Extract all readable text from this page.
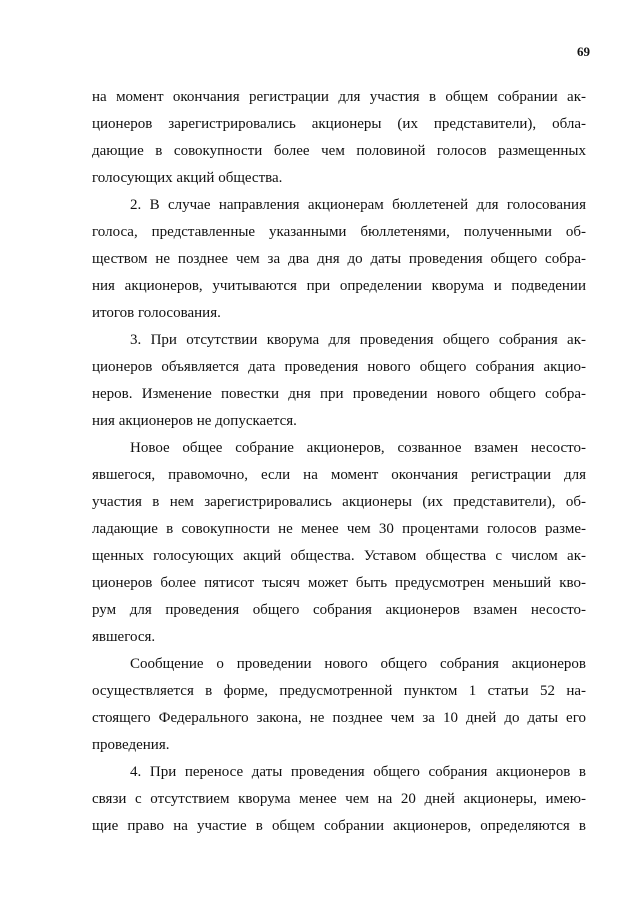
69
на момент окончания регистрации для участия в общем собрании ак-
ционеров зарегистрировались акционеры (их представители), обла-
дающие в совокупности более чем половиной голосов размещенных
голосующих акций общества.
2. В случае направления акционерам бюллетеней для голосования
голоса, представленные указанными бюллетенями, полученными об-
ществом не позднее чем за два дня до даты проведения общего собра-
ния акционеров, учитываются при определении кворума и подведении
итогов голосования.
3. При отсутствии кворума для проведения общего собрания ак-
ционеров объявляется дата проведения нового общего собрания акцио-
неров. Изменение повестки дня при проведении нового общего собра-
ния акционеров не допускается.
Новое общее собрание акционеров, созванное взамен несосто-
явшегося, правомочно, если на момент окончания регистрации для
участия в нем зарегистрировались акционеры (их представители), об-
ладающие в совокупности не менее чем 30 процентами голосов разме-
щенных голосующих акций общества. Уставом общества с числом ак-
ционеров более пятисот тысяч может быть предусмотрен меньший кво-
рум для проведения общего собрания акционеров взамен несосто-
явшегося.
Сообщение о проведении нового общего собрания акционеров
осуществляется в форме, предусмотренной пунктом 1 статьи 52 на-
стоящего Федерального закона, не позднее чем за 10 дней до даты его
проведения.
4. При переносе даты проведения общего собрания акционеров в
связи с отсутствием кворума менее чем на 20 дней акционеры, имею-
щие право на участие в общем собрании акционеров, определяются в
